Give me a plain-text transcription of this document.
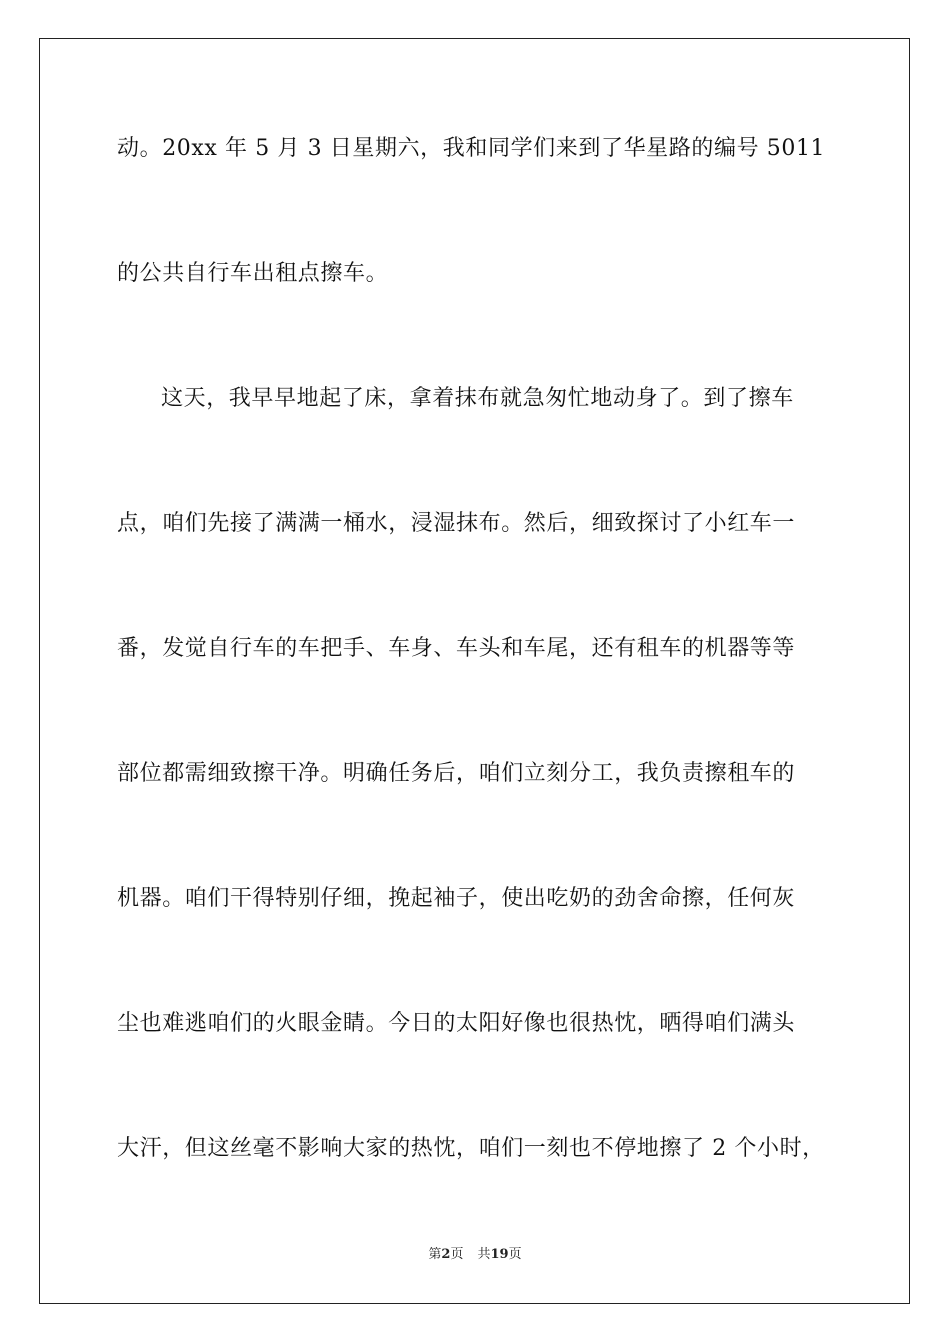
动。20xx 年 5 月 3 日星期六，我和同学们来到了华星路的编号 5011
的公共自行车出租点擦车。
这天，我早早地起了床，拿着抹布就急匆忙地动身了。到了擦车
点，咱们先接了满满一桶水，浸湿抹布。然后，细致探讨了小红车一
番，发觉自行车的车把手、车身、车头和车尾，还有租车的机器等等
部位都需细致擦干净。明确任务后，咱们立刻分工，我负责擦租车的
机器。咱们干得特别仔细，挽起袖子，使出吃奶的劲舍命擦，任何灰
尘也难逃咱们的火眼金睛。今日的太阳好像也很热忱，晒得咱们满头
大汗，但这丝毫不影响大家的热忱，咱们一刻也不停地擦了 2 个小时，
第2页 共19页
